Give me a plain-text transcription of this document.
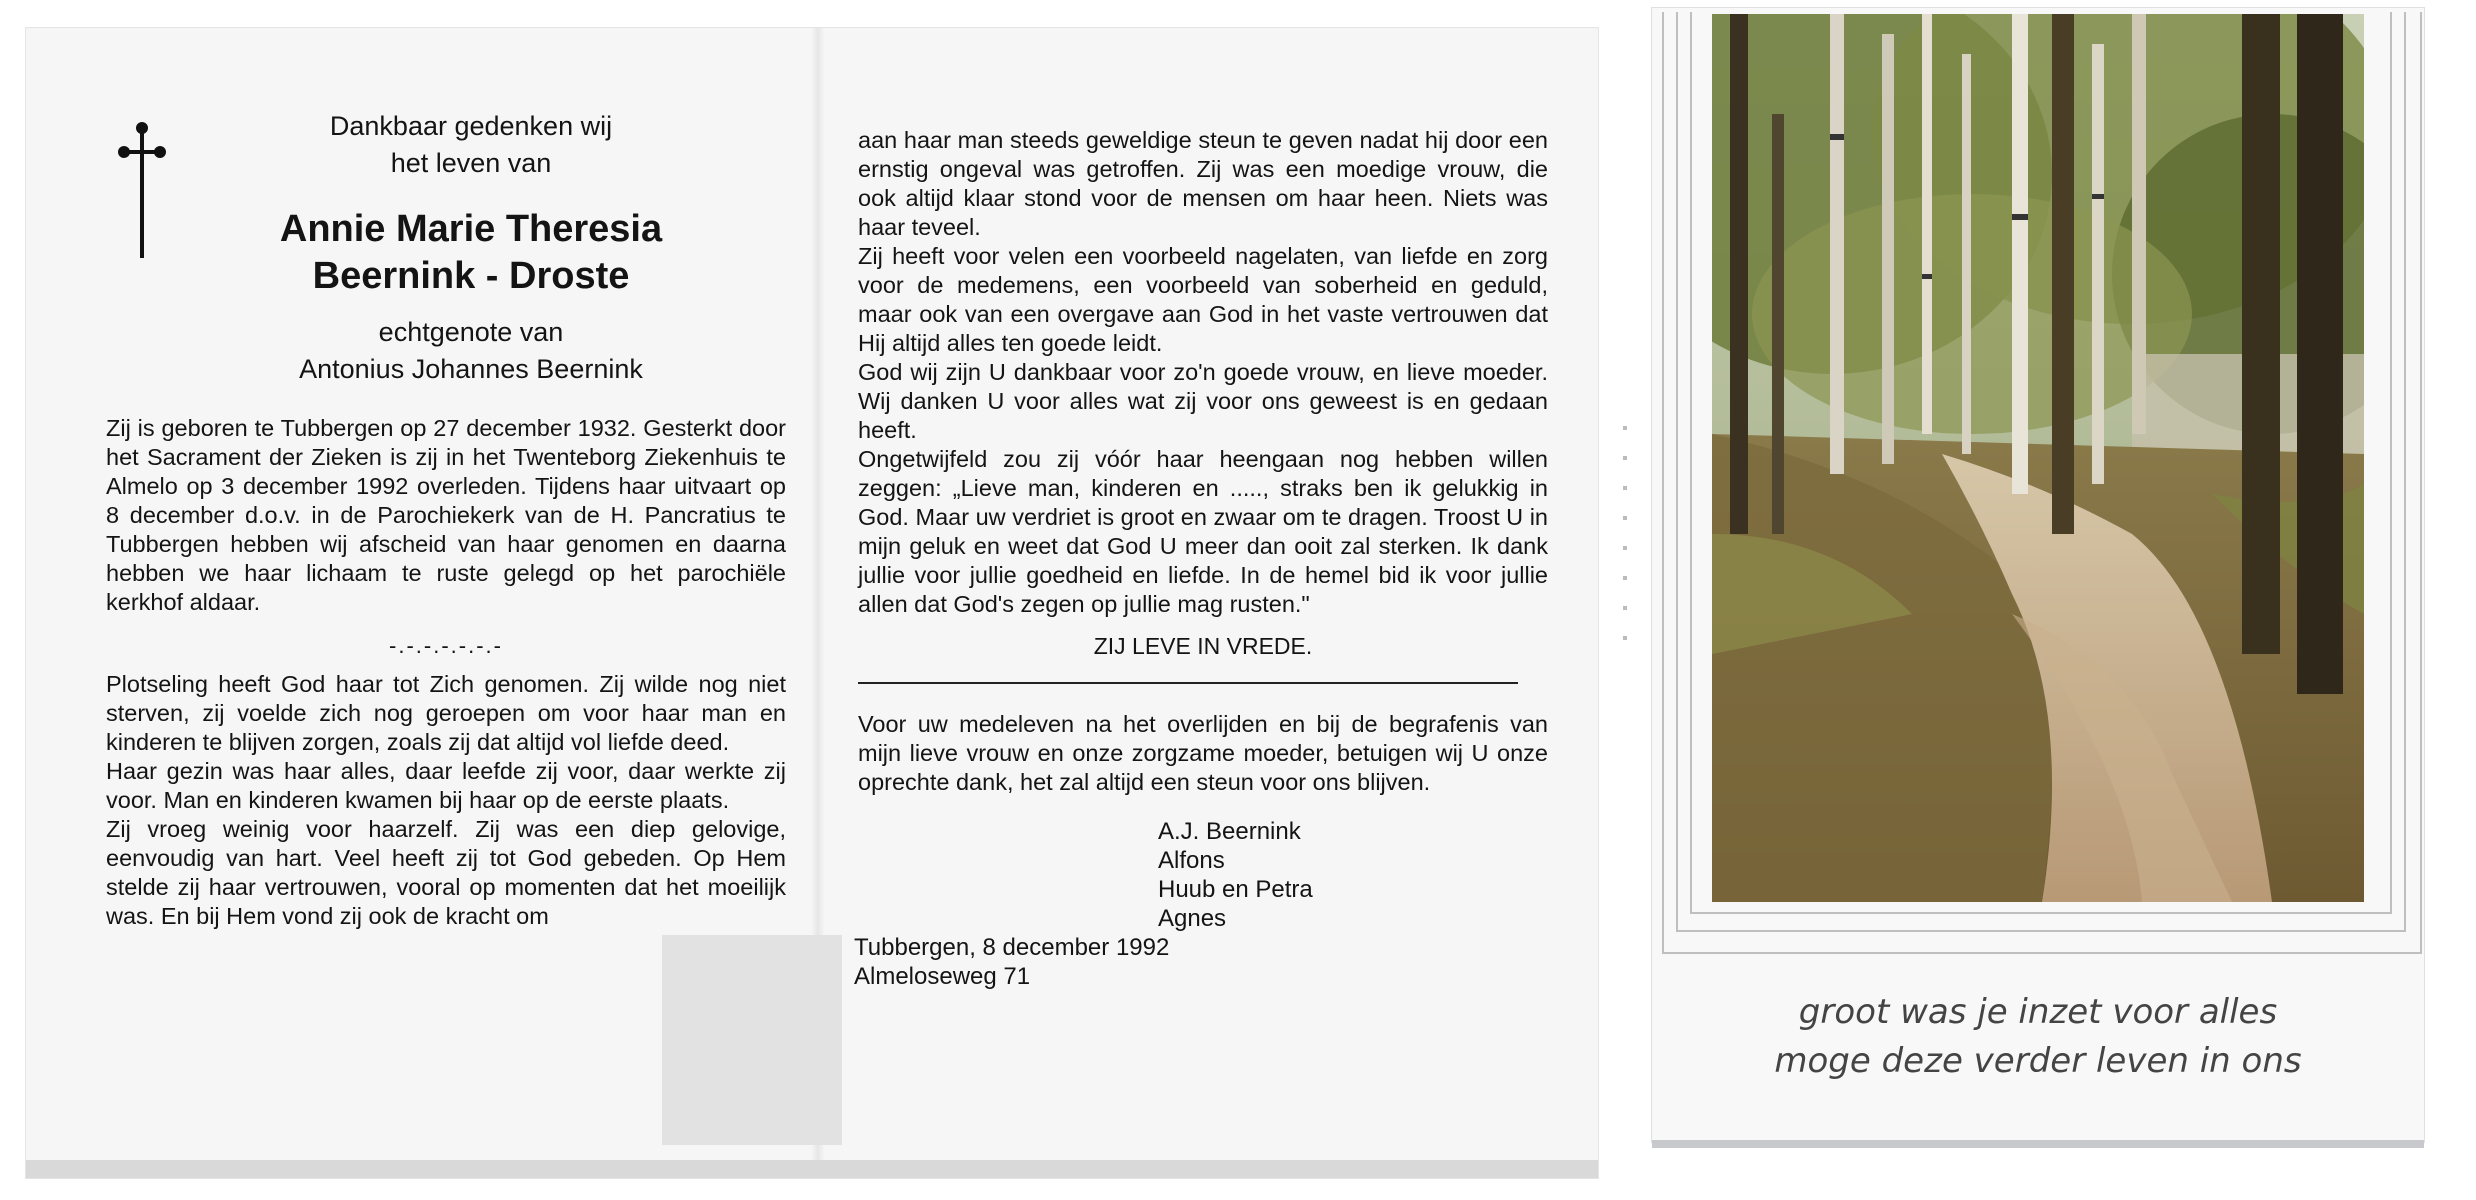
Dankbaar gedenken wij
het leven van
Annie Marie Theresia
Beernink - Droste
echtgenote van
Antonius Johannes Beernink

Zij is geboren te Tubbergen op 27 december 1932. Gesterkt door het Sacrament der Zieken is zij in het Twenteborg Ziekenhuis te Almelo op 3 december 1992 overleden. Tijdens haar uitvaart op 8 december d.o.v. in de Parochiekerk van de H. Pancratius te Tubbergen hebben wij afscheid van haar genomen en daarna hebben we haar lichaam te ruste gelegd op het parochiële kerkhof aldaar.

-.-.-.-.-.-.-

Plotseling heeft God haar tot Zich genomen. Zij wilde nog niet sterven, zij voelde zich nog geroepen om voor haar man en kinderen te blijven zorgen, zoals zij dat altijd vol liefde deed.

Haar gezin was haar alles, daar leefde zij voor, daar werkte zij voor. Man en kinderen kwamen bij haar op de eerste plaats.

Zij vroeg weinig voor haarzelf. Zij was een diep gelovige, eenvoudig van hart. Veel heeft zij tot God gebeden. Op Hem stelde zij haar vertrouwen, vooral op momenten dat het moeilijk was. En bij Hem vond zij ook de kracht om

aan haar man steeds geweldige steun te geven nadat hij door een ernstig ongeval was getroffen. Zij was een moedige vrouw, die ook altijd klaar stond voor de mensen om haar heen. Niets was haar teveel.

Zij heeft voor velen een voorbeeld nagelaten, van liefde en zorg voor de medemens, een voorbeeld van soberheid en geduld, maar ook van een overgave aan God in het vaste vertrouwen dat Hij altijd alles ten goede leidt.

God wij zijn U dankbaar voor zo'n goede vrouw, en lieve moeder. Wij danken U voor alles wat zij voor ons geweest is en gedaan heeft.

Ongetwijfeld zou zij vóór haar heengaan nog hebben willen zeggen: „Lieve man, kinderen en ....., straks ben ik gelukkig in God. Maar uw verdriet is groot en zwaar om te dragen. Troost U in mijn geluk en weet dat God U meer dan ooit zal sterken. Ik dank jullie voor jullie goedheid en liefde. In de hemel bid ik voor jullie allen dat God's zegen op jullie mag rusten."

ZIJ LEVE IN VREDE.
Voor uw medeleven na het overlijden en bij de begrafenis van mijn lieve vrouw en onze zorgzame moeder, betuigen wij U onze oprechte dank, het zal altijd een steun voor ons blijven.
A.J. Beernink
Alfons
Huub en Petra
Agnes
Tubbergen, 8 december 1992
Almeloseweg 71
groot was je inzet voor alles
moge deze verder leven in ons
